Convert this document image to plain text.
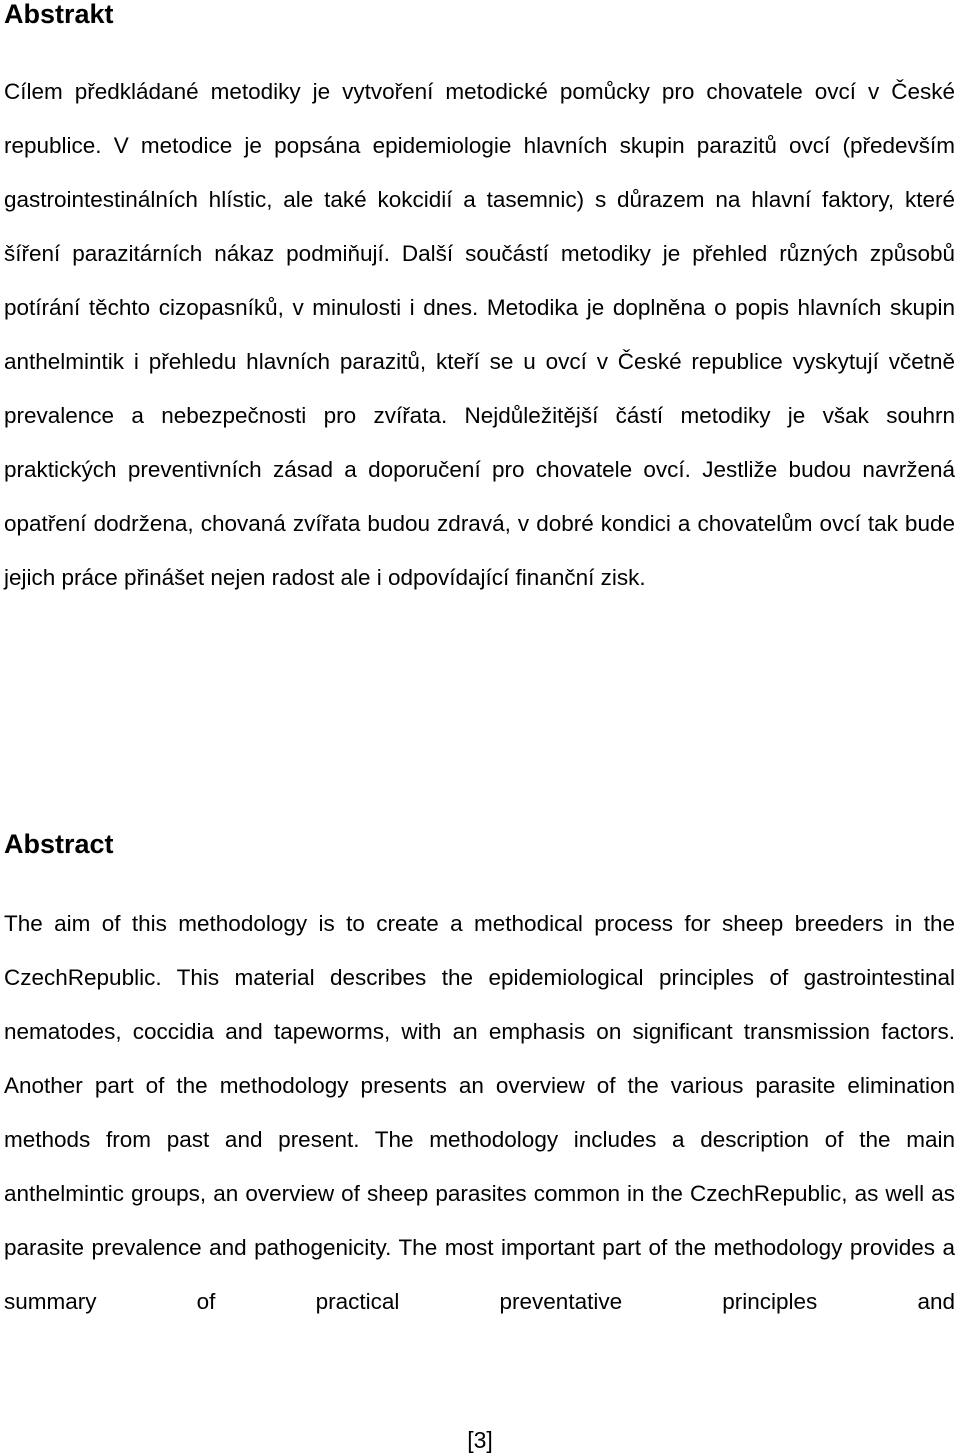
Abstrakt

Cílem předkládané metodiky je vytvoření metodické pomůcky pro chovatele ovcí v České republice. V metodice je popsána epidemiologie hlavních skupin parazitů ovcí (především gastrointestinálních hlístic, ale také kokcidií a tasemnic) s důrazem na hlavní faktory, které šíření parazitárních nákaz podmiňují. Další součástí metodiky je přehled různých způsobů potírání těchto cizopasníků, v minulosti i dnes. Metodika je doplněna o popis hlavních skupin anthelmintik i přehledu hlavních parazitů, kteří se u ovcí v České republice vyskytují včetně prevalence a nebezpečnosti pro zvířata. Nejdůležitější částí metodiky je však souhrn praktických preventivních zásad a doporučení pro chovatele ovcí. Jestliže budou navržená opatření dodržena, chovaná zvířata budou zdravá, v dobré kondici a chovatelům ovcí tak bude jejich práce přinášet nejen radost ale i odpovídající finanční zisk.

Abstract

The aim of this methodology is to create a methodical process for sheep breeders in the CzechRepublic. This material describes the epidemiological principles of gastrointestinal nematodes, coccidia and tapeworms, with an emphasis on significant transmission factors. Another part of the methodology presents an overview of the various parasite elimination methods from past and present. The methodology includes a description of the main anthelmintic groups, an overview of sheep parasites common in the CzechRepublic, as well as parasite prevalence and pathogenicity. The most important part of the methodology provides a summary of practical preventative principles and

[3]
